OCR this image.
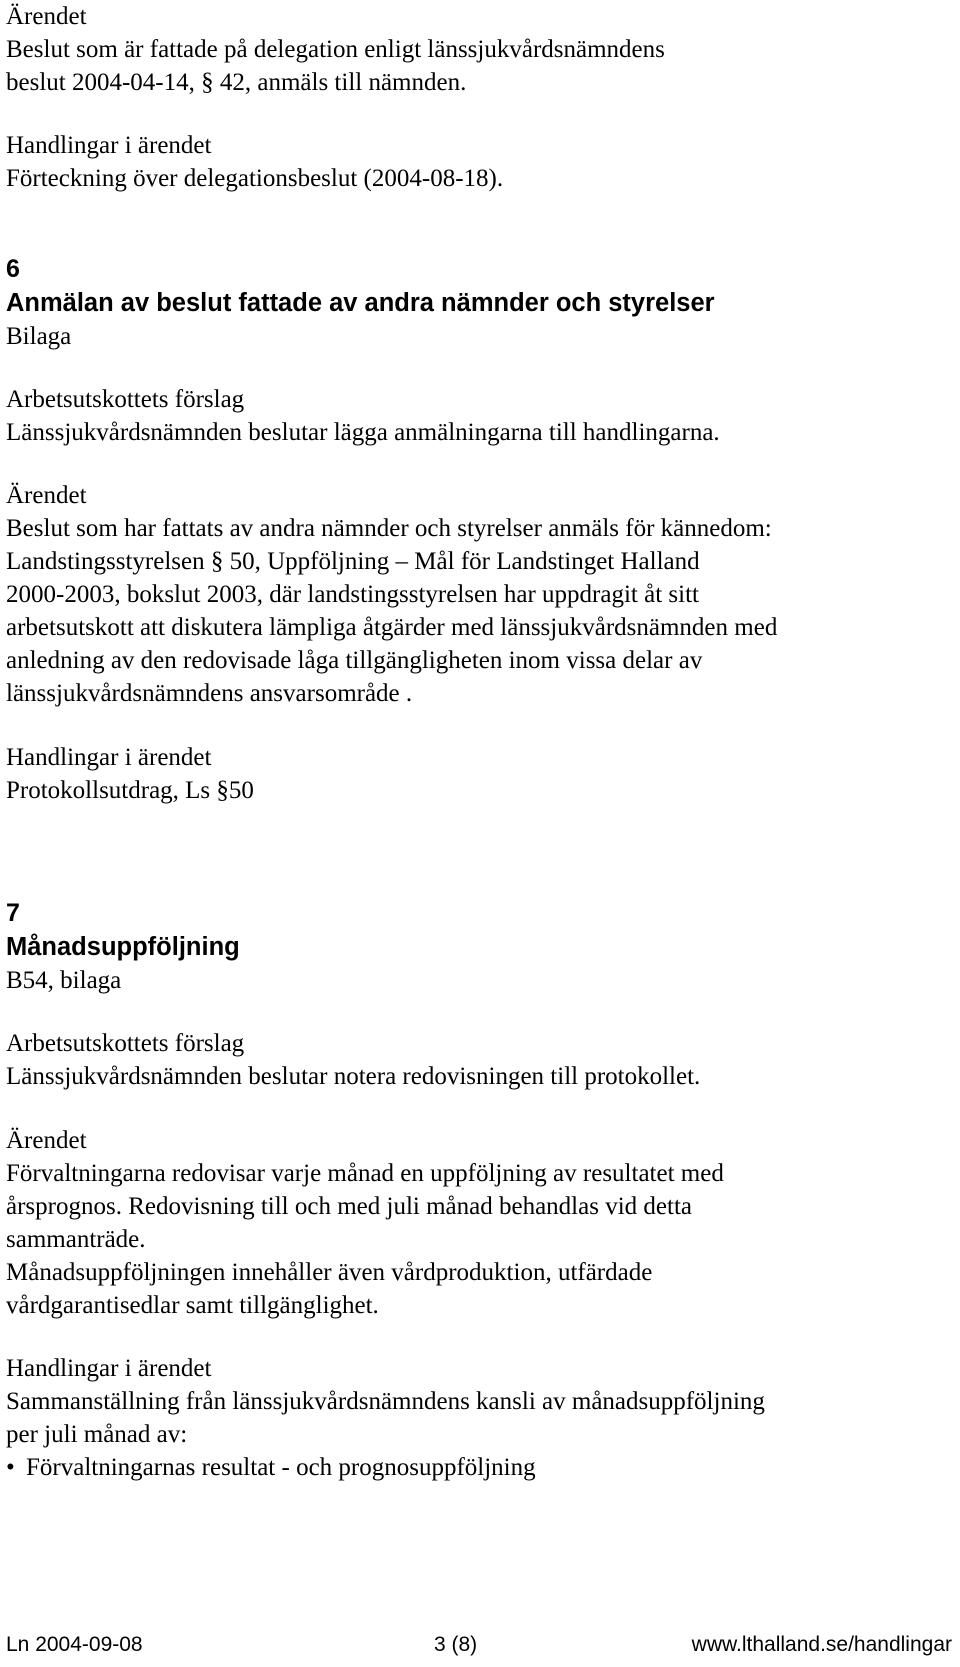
Ärendet
Beslut som är fattade på delegation enligt länssjukvårdsnämndens
beslut 2004-04-14, § 42, anmäls till nämnden.
Handlingar i ärendet
Förteckning över delegationsbeslut (2004-08-18).
6
Anmälan av beslut fattade av andra nämnder och styrelser
Bilaga
Arbetsutskottets förslag
Länssjukvårdsnämnden beslutar lägga anmälningarna till handlingarna.
Ärendet
Beslut som har fattats av andra nämnder och styrelser anmäls för kännedom:
Landstingsstyrelsen § 50, Uppföljning – Mål för Landstinget Halland
2000-2003, bokslut 2003, där landstingsstyrelsen har uppdragit åt sitt
arbetsutskott att diskutera lämpliga åtgärder med länssjukvårdsnämnden med
anledning av den redovisade låga tillgängligheten inom vissa delar av
länssjukvårdsnämndens ansvarsområde .
Handlingar i ärendet
Protokollsutdrag, Ls §50
7
Månadsuppföljning
B54, bilaga
Arbetsutskottets förslag
Länssjukvårdsnämnden beslutar notera redovisningen till protokollet.
Ärendet
Förvaltningarna redovisar varje månad en uppföljning av resultatet med
årsprognos. Redovisning till och med juli månad behandlas vid detta
sammanträde.
Månadsuppföljningen innehåller även vårdproduktion, utfärdade
vårdgarantisedlar samt tillgänglighet.
Handlingar i ärendet
Sammanställning från länssjukvårdsnämndens kansli av månadsuppföljning
per juli månad av:
• Förvaltningarnas resultat - och prognosuppföljning
Ln 2004-09-08	3 (8)	www.lthalland.se/handlingar
